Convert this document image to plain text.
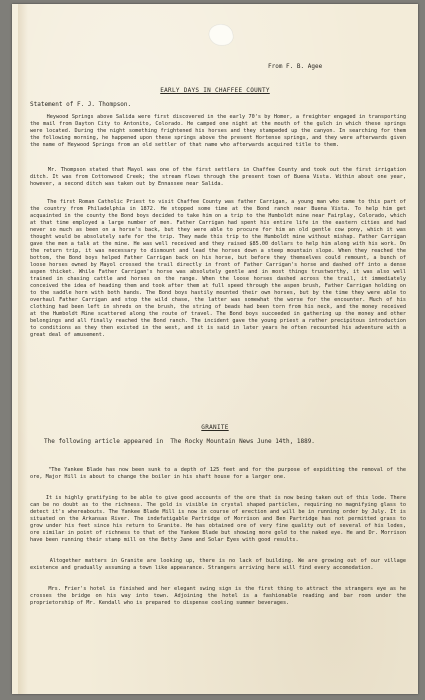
From F. B. Agee

EARLY DAYS IN CHAFFEE COUNTY

Statement of F. J. Thompson.

Heywood Springs above Salida were first discovered in the early 70's by Homer, a freighter engaged in transporting the mail from Dayton City to Antonito, Colorado. He camped one night at the mouth of the gulch in which these springs were located. During the night something frightened his horses and they stampeded up the canyon. In searching for them the following morning, he happened upon these springs above the present Hortense springs, and they were afterwards given the name of Heywood Springs from an old settler of that name who afterwards acquired title to them.

Mr. Thompson stated that Mayol was one of the first settlers in Chaffee County and took out the first irrigation ditch. It was from Cottonwood Creek; the stream flows through the present town of Buena Vista. Within about one year, however, a second ditch was taken out by Ennassee near Salida.

The first Roman Catholic Priest to visit Chaffee County was father Carrigan, a young man who came to this part of the country from Philadelphia in 1872. He stopped some time at the Bond ranch near Buena Vista. To help him get acquainted in the county the Bond boys decided to take him on a trip to the Humboldt mine near Fairplay, Colorado, which at that time employed a large number of men. Father Carrigan had spent his entire life in the eastern cities and had never so much as been on a horse's back, but they were able to procure for him an old gentle cow pony, which it was thought would be absolutely safe for the trip. They made this trip to the Humboldt mine without mishap. Father Carrigan gave the men a talk at the mine. He was well received and they raised $85.00 dollars to help him along with his work. On the return trip, it was necessary to dismount and lead the horses down a steep mountain slope. When they reached the bottom, the Bond boys helped Father Carrigan back on his horse, but before they themselves could remount, a bunch of loose horses owned by Mayol crossed the trail directly in front of Father Carrigan's horse and dashed off into a dense aspen thicket. While Father Carrigan's horse was absolutely gentle and in most things trustworthy, it was also well trained in chasing cattle and horses on the range. When the loose horses dashed across the trail, it immediately conceived the idea of heading them and took after them at full speed through the aspen brush, Father Carrigan holding on to the saddle horn with both hands. The Bond boys hastily mounted their own horses, but by the time they were able to overhaul Father Carrigan and stop the wild chase, the latter was somewhat the worse for the encounter. Much of his clothing had been left in shreds on the brush, the string of beads had been torn from his neck, and the money received at the Humboldt Mine scattered along the route of travel. The Bond boys succeeded in gathering up the money and other belongings and all finally reached the Bond ranch. The incident gave the young priest a rather precipitous introduction to conditions as they then existed in the west, and it is said in later years he often recounted his adventure with a great deal of amusement.

GRANITE

The following article appeared in  The Rocky Mountain News June 14th, 1889.

"The Yankee Blade has now been sunk to a depth of 125 feet and for the purpose of expiditing the removal of the ore, Major Hill is about to change the boiler in his shaft house for a larger one.

It is highly gratifying to be able to give good accounts of the ore that is now being taken out of this lode. There can be no doubt as to the richness. The gold is visible in crystal shaped particles, requiring no magnifying glass to detect it's whereabouts. The Yankee Blade Mill is now in course of erection and will be in running order by July. It is situated on the Arkansas River. The indefatigable Partridge of Morrison and Ben Partridge has not permitted grass to grow under his feet since his return to Granite. He has obtained ore of very fine quality out of several of his lodes, ore similar in point of richness to that of the Yankee Blade but showing more gold to the naked eye. He and Dr. Morrison have been running their stamp mill on the Betty Jane and Solar Eyes with good results.

Altogether matters in Granite are looking up, there is no lack of building. We are growing out of our village existence and gradually assuming a town like appearance. Strangers arriving here will find every accomodation.

Mrs. Frier's hotel is finished and her elegant swing sign is the first thing to attract the strangers eye as he crosses the bridge on his way into town. Adjoining the hotel is a fashionable reading and bar room under the proprietorship of Mr. Kendall who is prepared to dispense cooling summer beverages.
